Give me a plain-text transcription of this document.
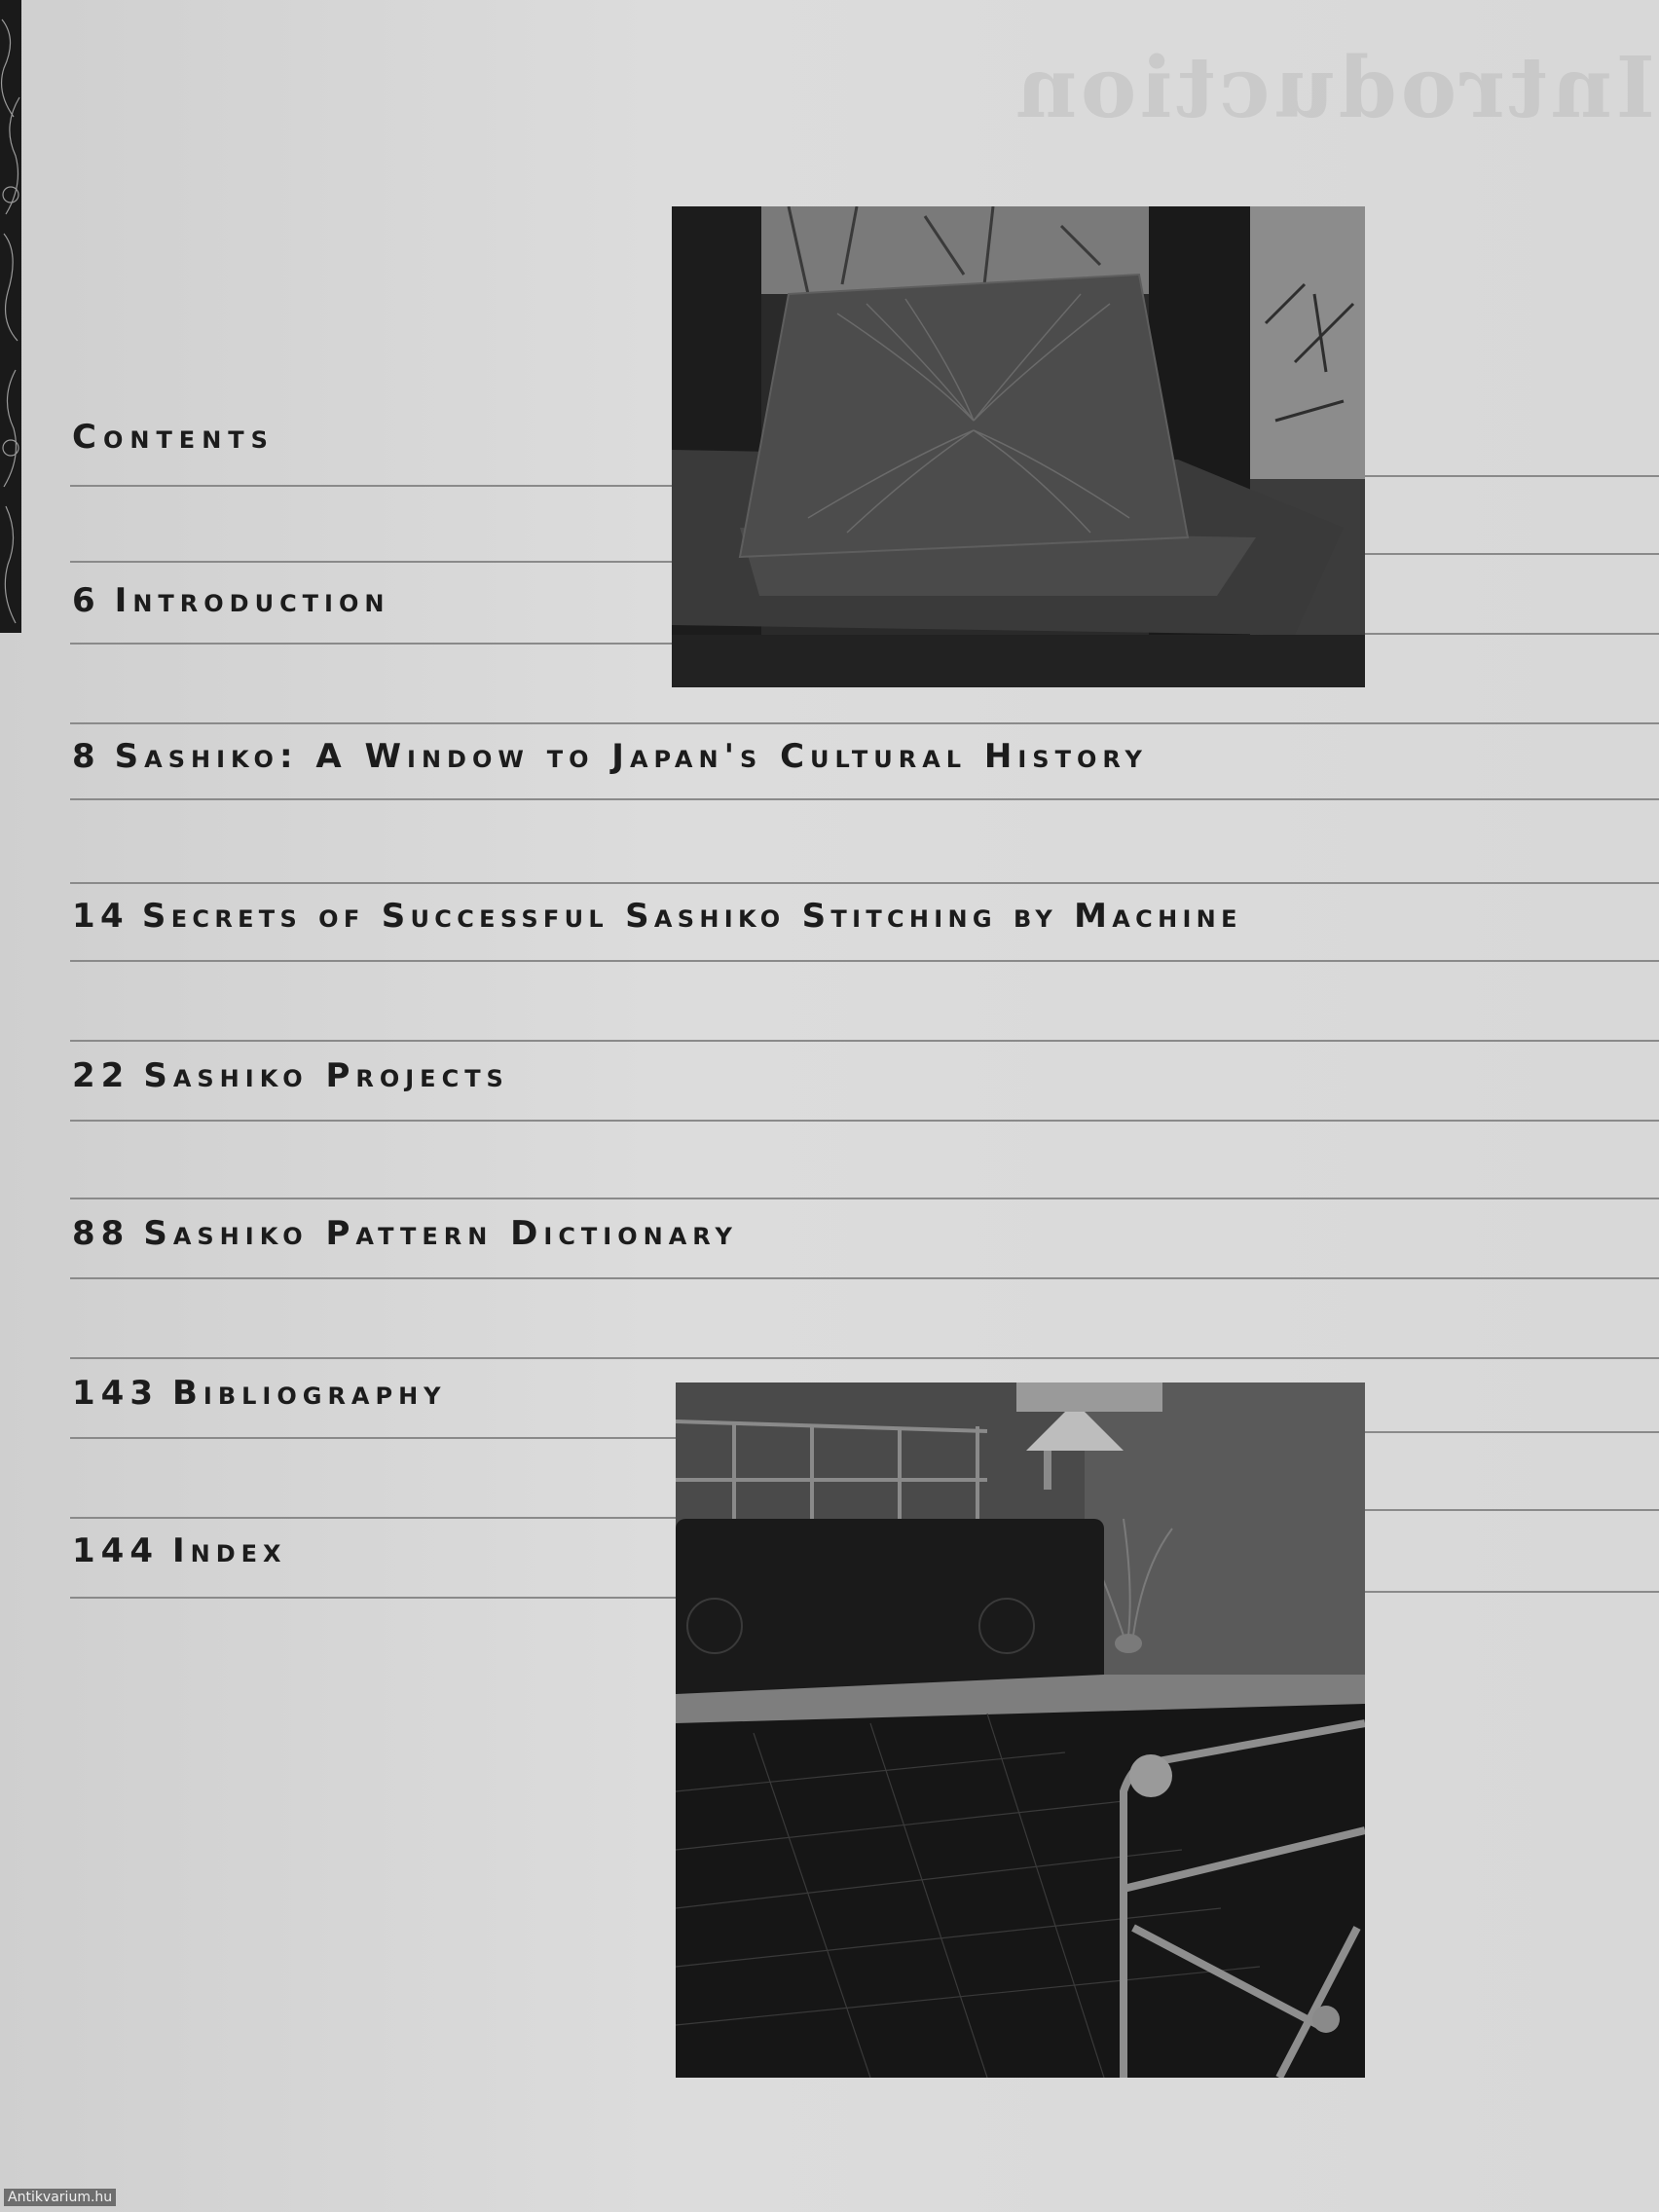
Introduction
Contents
6 Introduction
8 Sashiko: A Window to Japan's Cultural History
14 Secrets of Successful Sashiko Stitching by Machine
22 Sashiko Projects
88 Sashiko Pattern Dictionary
143 Bibliography
144 Index
Antikvarium.hu
